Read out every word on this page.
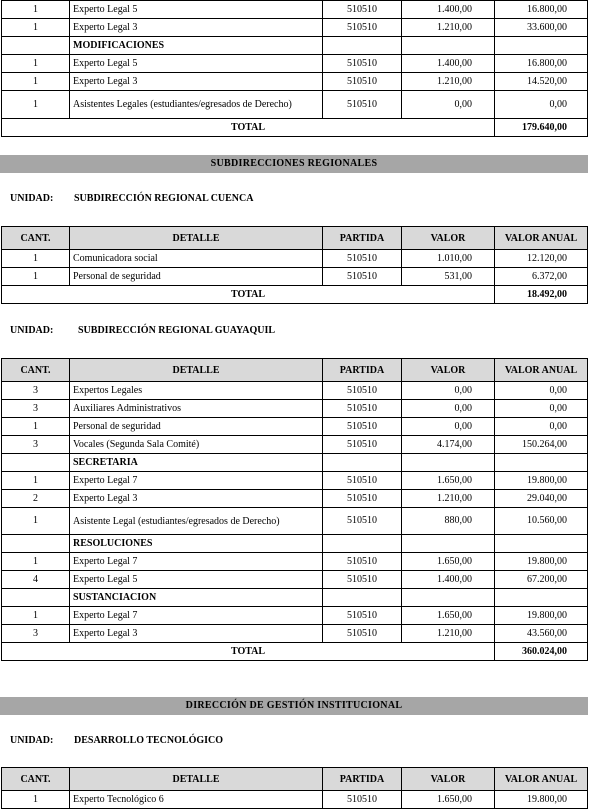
1	Experto Legal 5	510510	1.400,00	16.800,00
1	Experto Legal 3	510510	1.210,00	33.600,00
	MODIFICACIONES			
1	Experto Legal 5	510510	1.400,00	16.800,00
1	Experto Legal 3	510510	1.210,00	14.520,00
1	Asistentes Legales (estudiantes/egresados de Derecho)	510510	0,00	0,00
TOTAL				179.640,00
SUBDIRECCIONES REGIONALES
UNIDAD: SUBDIRECCIÓN REGIONAL CUENCA
CANT.	DETALLE	PARTIDA	VALOR	VALOR ANUAL
1	Comunicadora social	510510	1.010,00	12.120,00
1	Personal de seguridad	510510	531,00	6.372,00
TOTAL				18.492,00
UNIDAD: SUBDIRECCIÓN REGIONAL GUAYAQUIL
CANT.	DETALLE	PARTIDA	VALOR	VALOR ANUAL
3	Expertos Legales	510510	0,00	0,00
3	Auxiliares Administrativos	510510	0,00	0,00
1	Personal de seguridad	510510	0,00	0,00
3	Vocales (Segunda Sala Comité)	510510	4.174,00	150.264,00
	SECRETARIA			
1	Experto Legal 7	510510	1.650,00	19.800,00
2	Experto Legal 3	510510	1.210,00	29.040,00
1	Asistente Legal (estudiantes/egresados de Derecho)	510510	880,00	10.560,00
	RESOLUCIONES			
1	Experto Legal 7	510510	1.650,00	19.800,00
4	Experto Legal 5	510510	1.400,00	67.200,00
	SUSTANCIACION			
1	Experto Legal 7	510510	1.650,00	19.800,00
3	Experto Legal 3	510510	1.210,00	43.560,00
TOTAL				360.024,00
DIRECCIÓN DE GESTIÓN INSTITUCIONAL
UNIDAD: DESARROLLO TECNOLÓGICO
CANT.	DETALLE	PARTIDA	VALOR	VALOR ANUAL
1	Experto Tecnológico 6	510510	1.650,00	19.800,00
